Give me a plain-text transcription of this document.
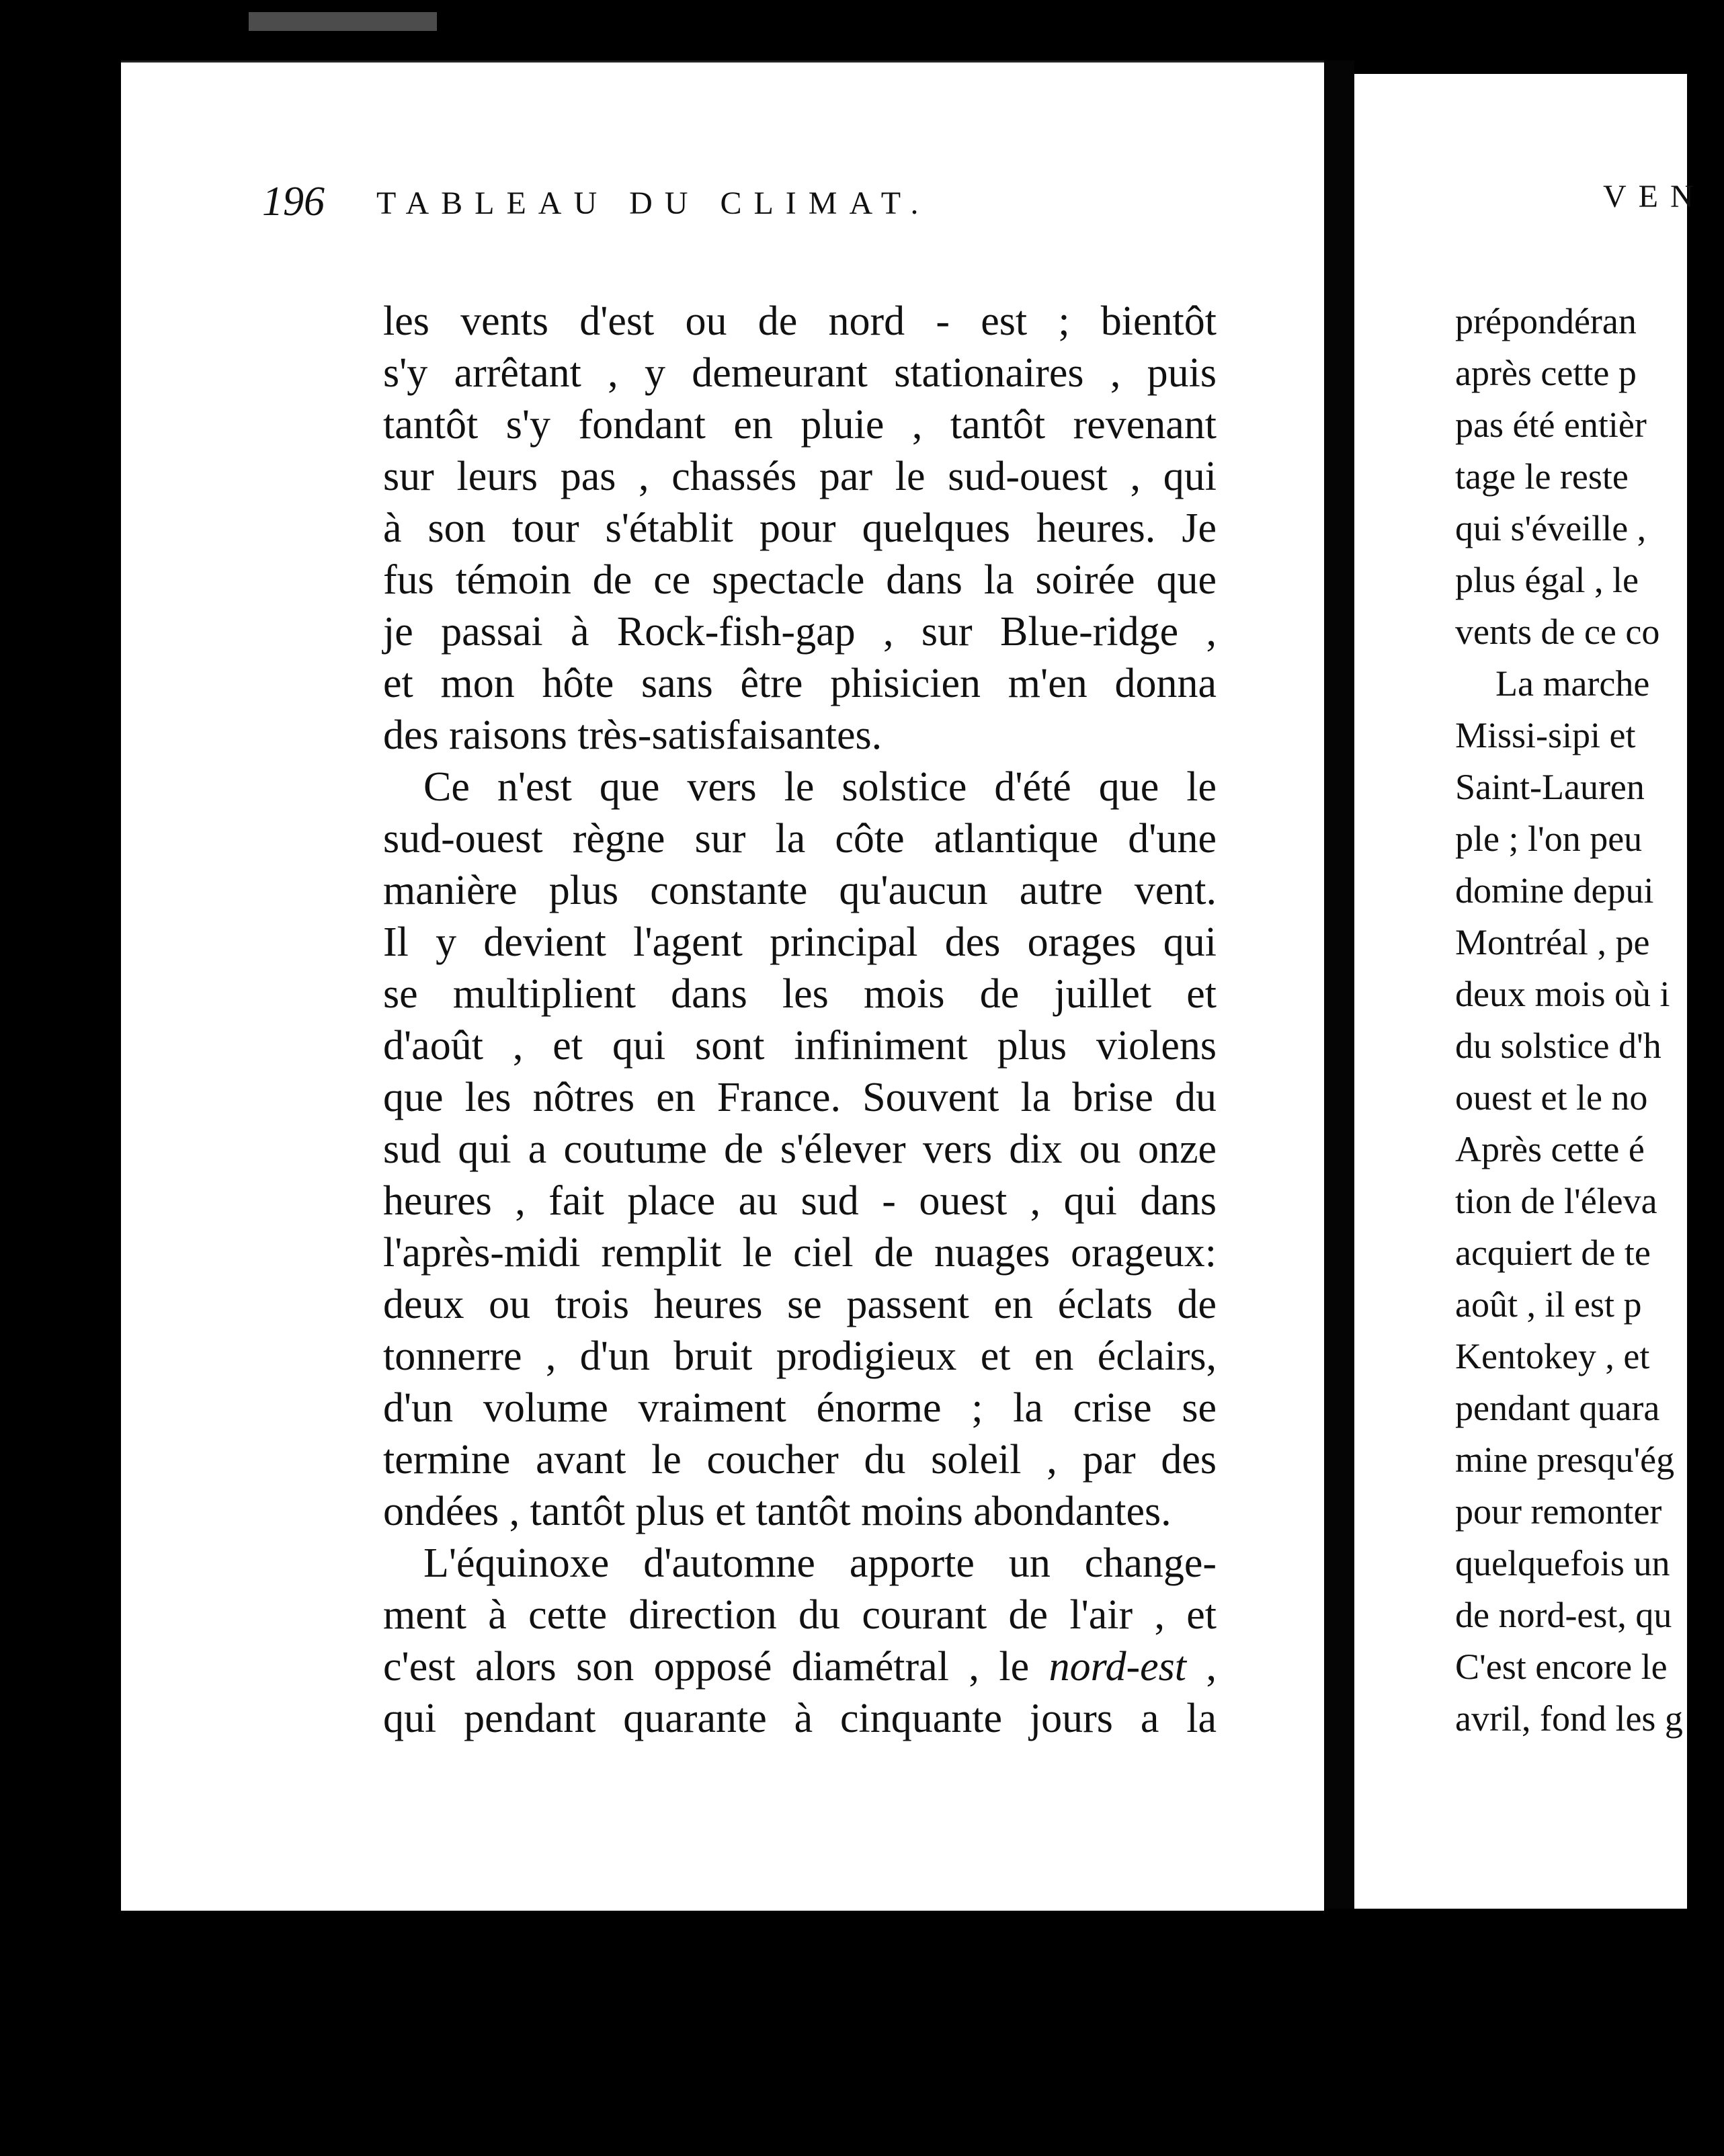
196 TABLEAU DU CLIMAT.
les vents d'est ou de nord - est ; bientôt
s'y arrêtant , y demeurant stationaires , puis
tantôt s'y fondant en pluie , tantôt revenant
sur leurs pas , chassés par le sud-ouest , qui
à son tour s'établit pour quelques heures. Je
fus témoin de ce spectacle dans la soirée que
je passai à Rock-fish-gap , sur Blue-ridge ,
et mon hôte sans être phisicien m'en donna
des raisons très-satisfaisantes.
Ce n'est que vers le solstice d'été que le
sud-ouest règne sur la côte atlantique d'une
manière plus constante qu'aucun autre vent.
Il y devient l'agent principal des orages qui
se multiplient dans les mois de juillet et
d'août , et qui sont infiniment plus violens
que les nôtres en France. Souvent la brise du
sud qui a coutume de s'élever vers dix ou onze
heures , fait place au sud - ouest , qui dans
l'après-midi remplit le ciel de nuages orageux:
deux ou trois heures se passent en éclats de
tonnerre , d'un bruit prodigieux et en éclairs,
d'un volume vraiment énorme ; la crise se
termine avant le coucher du soleil , par des
ondées , tantôt plus et tantôt moins abondantes.
L'équinoxe d'automne apporte un change-
ment à cette direction du courant de l'air , et
c'est alors son opposé diamétral , le nord-est ,
qui pendant quarante à cinquante jours a la
VEN
prépondéran
après cette p
pas été entièr
tage le reste
qui s'éveille ,
plus égal , le
vents de ce co
La marche
Missi-sipi et
Saint-Lauren
ple ; l'on peu
domine depui
Montréal , pe
deux mois où i
du solstice d'h
ouest et le no
Après cette é
tion de l'éleva
acquiert de te
août , il est p
Kentokey , et
pendant quara
mine presqu'ég
pour remonter
quelquefois un
de nord-est, qu
C'est encore le
avril, fond les g
